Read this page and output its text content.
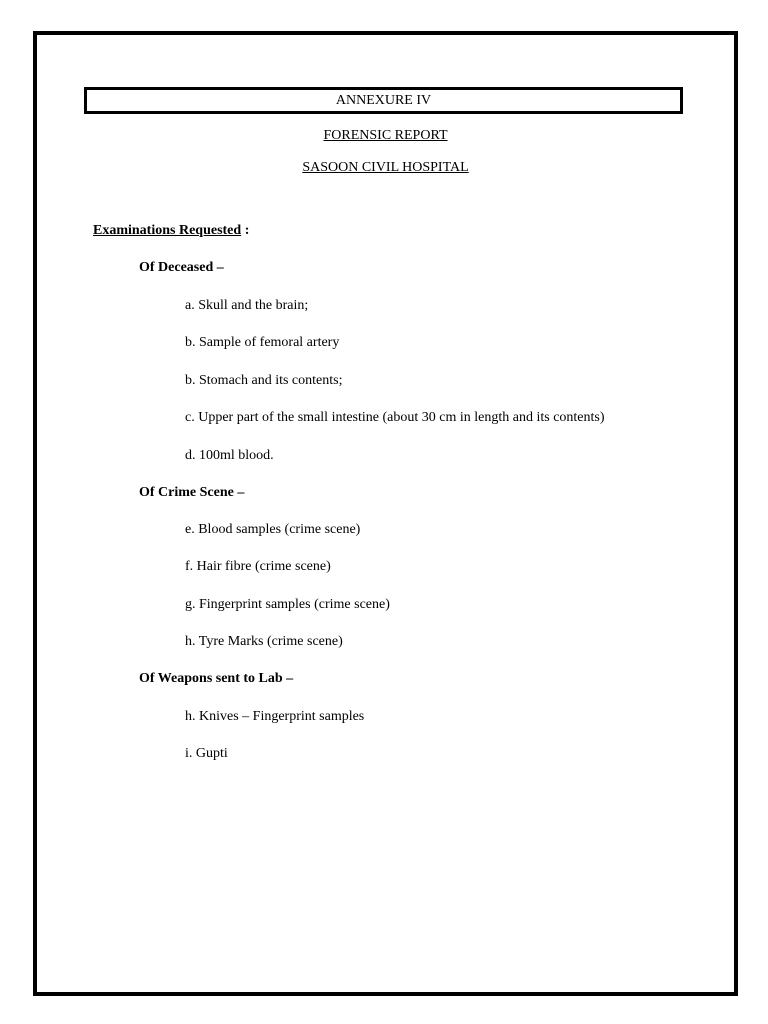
ANNEXURE IV
FORENSIC REPORT
SASOON CIVIL HOSPITAL
Examinations Requested :
Of Deceased –
a. Skull and the brain;
b. Sample of femoral artery
b. Stomach and its contents;
c. Upper part of the small intestine (about 30 cm in length and its contents)
d. 100ml blood.
Of Crime Scene –
e. Blood samples (crime scene)
f. Hair fibre (crime scene)
g. Fingerprint samples (crime scene)
h. Tyre Marks (crime scene)
Of Weapons sent to Lab –
h. Knives – Fingerprint samples
i. Gupti
